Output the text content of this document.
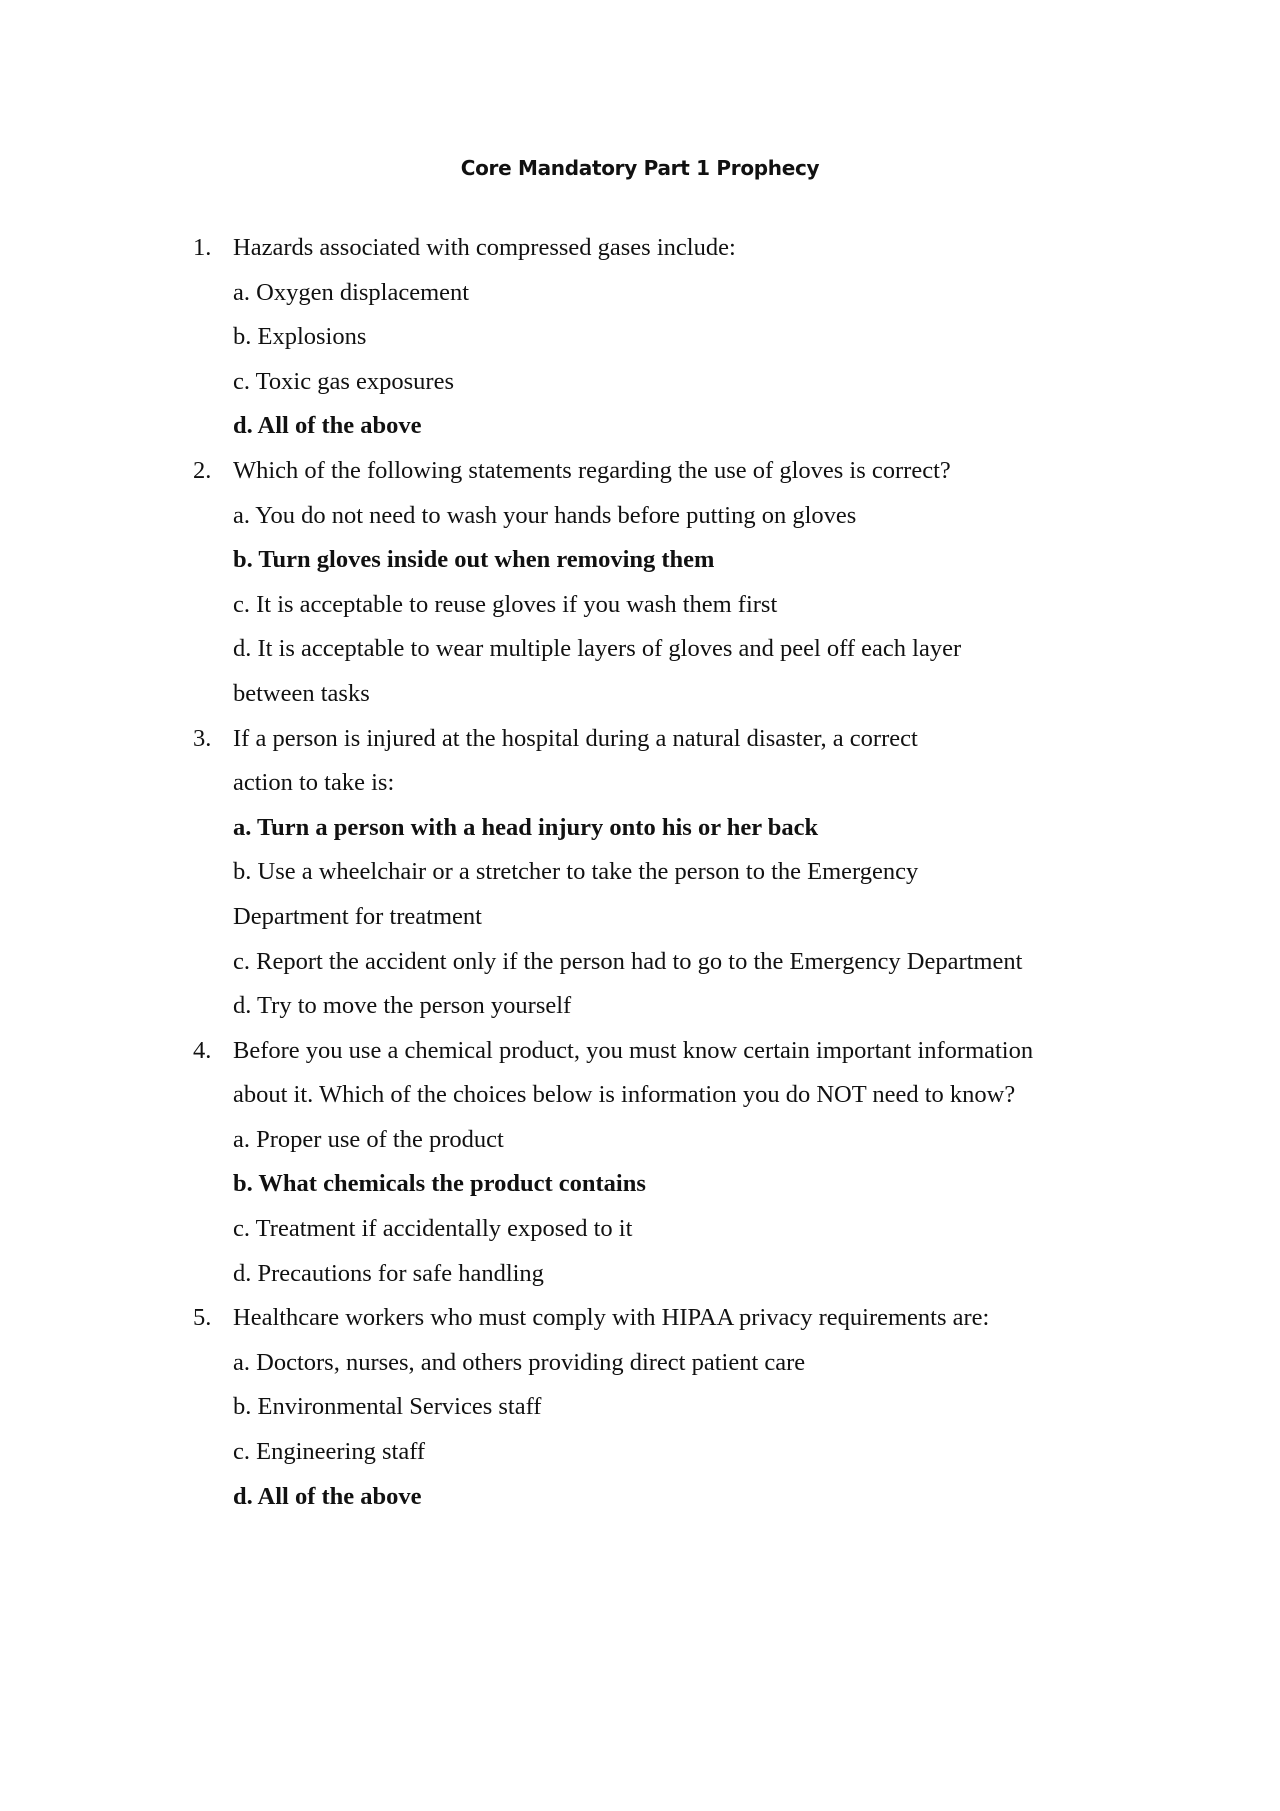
Core Mandatory Part 1 Prophecy
1. Hazards associated with compressed gases include:
a. Oxygen displacement
b. Explosions
c. Toxic gas exposures
d. All of the above
2. Which of the following statements regarding the use of gloves is correct?
a. You do not need to wash your hands before putting on gloves
b. Turn gloves inside out when removing them
c. It is acceptable to reuse gloves if you wash them first
d. It is acceptable to wear multiple layers of gloves and peel off each layer between tasks
3. If a person is injured at the hospital during a natural disaster, a correct action to take is:
a. Turn a person with a head injury onto his or her back
b. Use a wheelchair or a stretcher to take the person to the Emergency Department for treatment
c. Report the accident only if the person had to go to the Emergency Department
d. Try to move the person yourself
4. Before you use a chemical product, you must know certain important information about it. Which of the choices below is information you do NOT need to know?
a. Proper use of the product
b. What chemicals the product contains
c. Treatment if accidentally exposed to it
d. Precautions for safe handling
5. Healthcare workers who must comply with HIPAA privacy requirements are:
a. Doctors, nurses, and others providing direct patient care
b. Environmental Services staff
c. Engineering staff
d. All of the above
